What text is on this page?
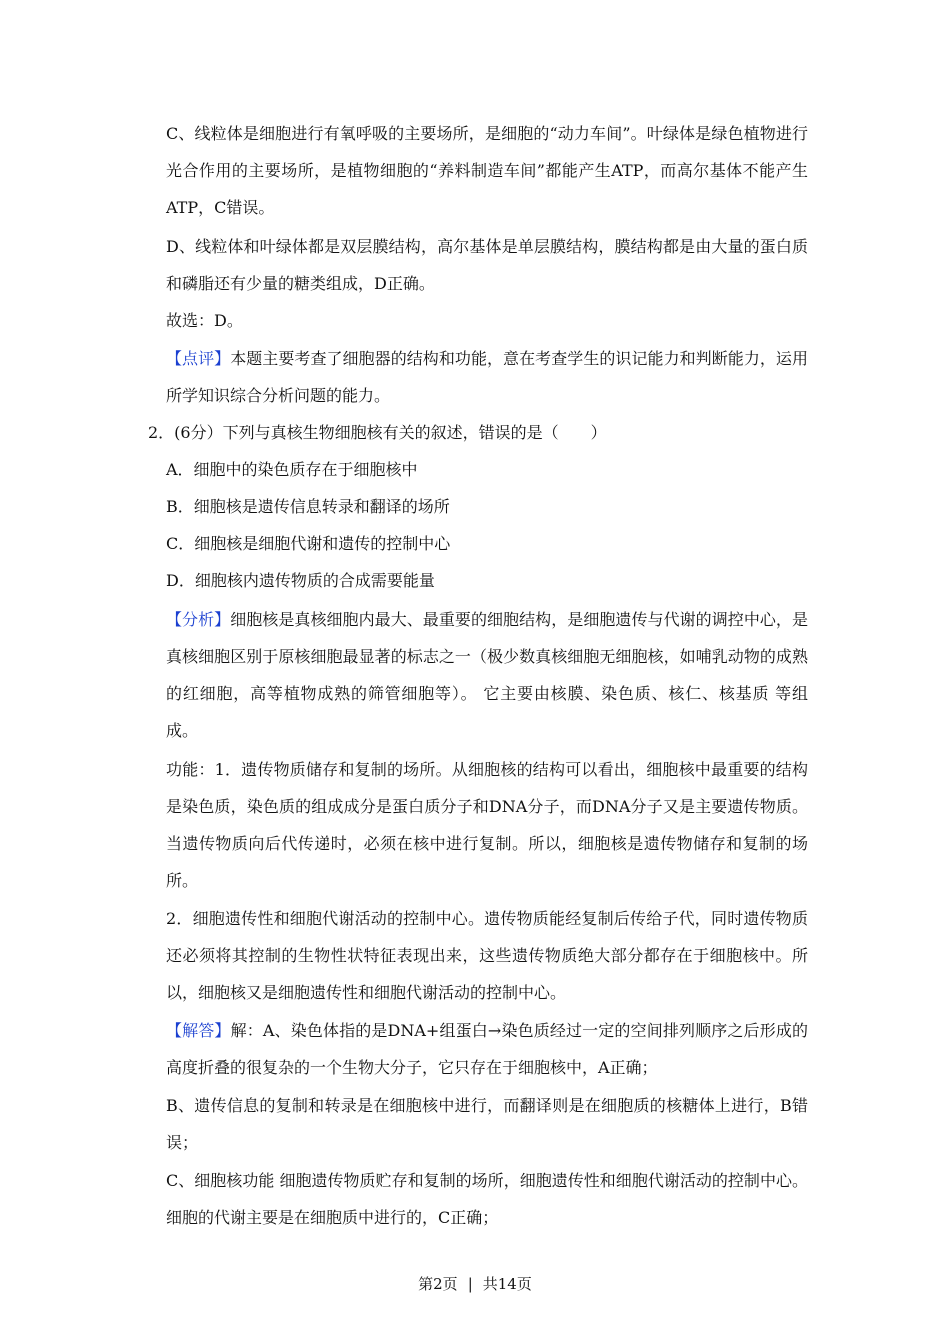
C、线粒体是细胞进行有氧呼吸的主要场所，是细胞的“动力车间”。叶绿体是绿色植物进行光合作用的主要场所，是植物细胞的“养料制造车间”都能产生ATP，而高尔基体不能产生ATP，C错误。

D、线粒体和叶绿体都是双层膜结构，高尔基体是单层膜结构，膜结构都是由大量的蛋白质和磷脂还有少量的糖类组成，D正确。

故选：D。

【点评】本题主要考查了细胞器的结构和功能，意在考查学生的识记能力和判断能力，运用所学知识综合分析问题的能力。

2．(6分）下列与真核生物细胞核有关的叙述，错误的是（　　）

A．细胞中的染色质存在于细胞核中

B．细胞核是遗传信息转录和翻译的场所

C．细胞核是细胞代谢和遗传的控制中心

D．细胞核内遗传物质的合成需要能量

【分析】细胞核是真核细胞内最大、最重要的细胞结构，是细胞遗传与代谢的调控中心，是真核细胞区别于原核细胞最显著的标志之一（极少数真核细胞无细胞核，如哺乳动物的成熟的红细胞，高等植物成熟的筛管细胞等）。 它主要由核膜、染色质、核仁、核基质 等组成。

功能：1．遗传物质储存和复制的场所。从细胞核的结构可以看出，细胞核中最重要的结构是染色质，染色质的组成成分是蛋白质分子和DNA分子，而DNA分子又是主要遗传物质。当遗传物质向后代传递时，必须在核中进行复制。所以，细胞核是遗传物储存和复制的场所。

2．细胞遗传性和细胞代谢活动的控制中心。遗传物质能经复制后传给子代，同时遗传物质还必须将其控制的生物性状特征表现出来，这些遗传物质绝大部分都存在于细胞核中。所以，细胞核又是细胞遗传性和细胞代谢活动的控制中心。

【解答】解：A、染色体指的是DNA+组蛋白→染色质经过一定的空间排列顺序之后形成的高度折叠的很复杂的一个生物大分子，它只存在于细胞核中，A正确；

B、遗传信息的复制和转录是在细胞核中进行，而翻译则是在细胞质的核糖体上进行，B错误；

C、细胞核功能 细胞遗传物质贮存和复制的场所，细胞遗传性和细胞代谢活动的控制中心。细胞的代谢主要是在细胞质中进行的，C正确；

第2页 | 共14页
